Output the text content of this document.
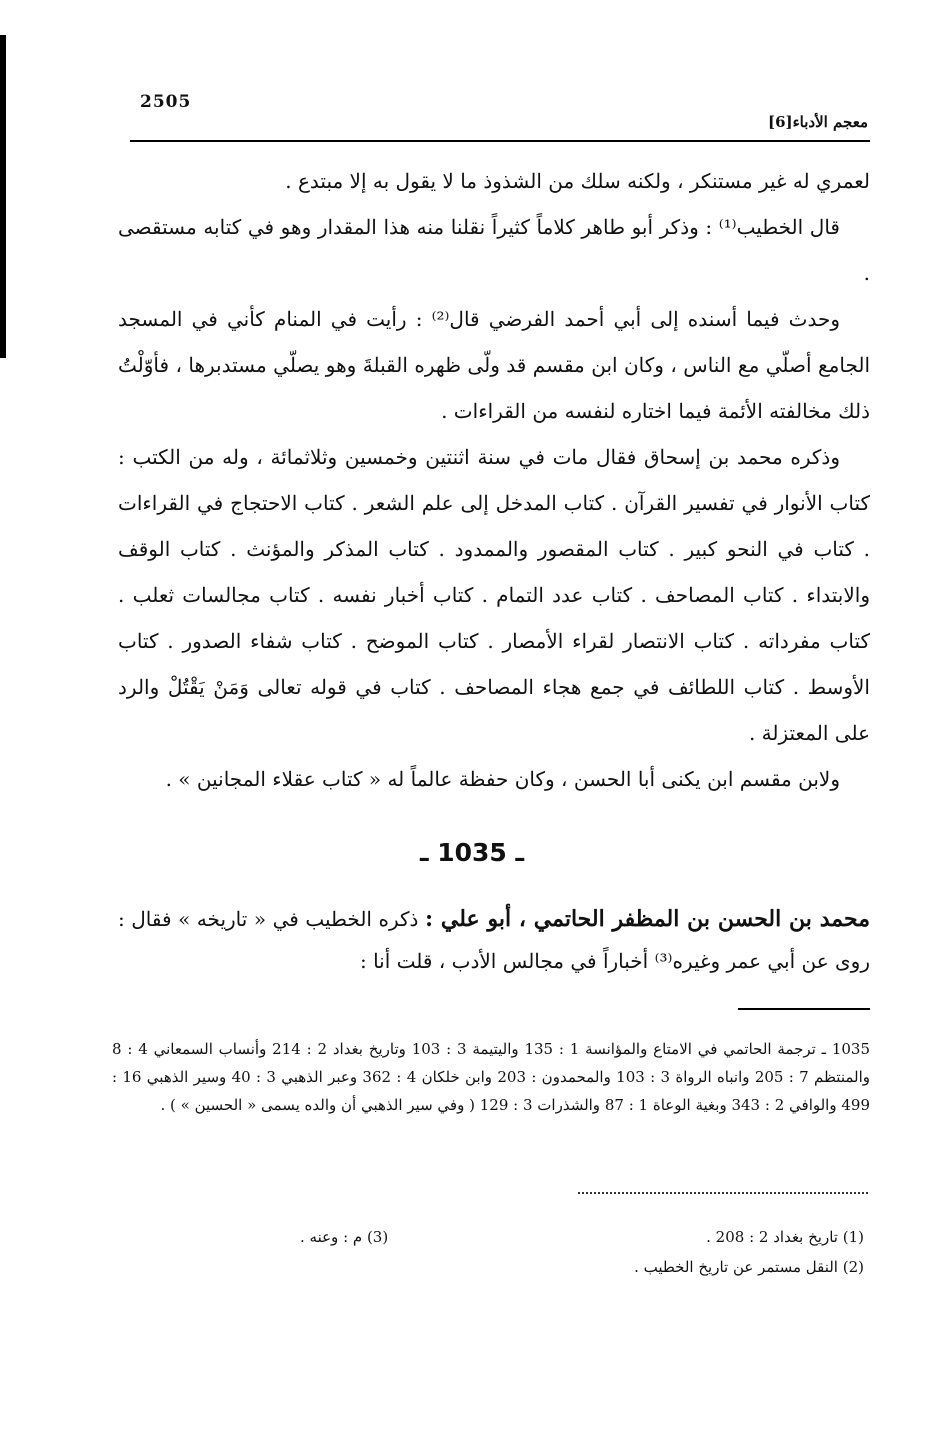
2505
معجم الأدباء[6]

لعمري له غير مستنكر ، ولكنه سلك من الشذوذ ما لا يقول به إلا مبتدع .

قال الخطيب⁽¹⁾ : وذكر أبو طاهر كلاماً كثيراً نقلنا منه هذا المقدار وهو في كتابه مستقصى .

وحدث فيما أسنده إلى أبي أحمد الفرضي قال⁽²⁾ : رأيت في المنام كأني في المسجد الجامع أصلّي مع الناس ، وكان ابن مقسم قد ولّى ظهره القبلةَ وهو يصلّي مستدبرها ، فأوّلْتُ ذلك مخالفته الأئمة فيما اختاره لنفسه من القراءات .

وذكره محمد بن إسحاق فقال مات في سنة اثنتين وخمسين وثلاثمائة ، وله من الكتب : كتاب الأنوار في تفسير القرآن . كتاب المدخل إلى علم الشعر . كتاب الاحتجاج في القراءات . كتاب في النحو كبير . كتاب المقصور والممدود . كتاب المذكر والمؤنث . كتاب الوقف والابتداء . كتاب المصاحف . كتاب عدد التمام . كتاب أخبار نفسه . كتاب مجالسات ثعلب . كتاب مفرداته . كتاب الانتصار لقراء الأمصار . كتاب الموضح . كتاب شفاء الصدور . كتاب الأوسط . كتاب اللطائف في جمع هجاء المصاحف . كتاب في قوله تعالى وَمَنْ يَقْتُلْ والرد على المعتزلة .

ولابن مقسم ابن يكنى أبا الحسن ، وكان حفظة عالماً له « كتاب عقلاء المجانين » .

ـ 1035 ـ

محمد بن الحسن بن المظفر الحاتمي ، أبو علي : ذكره الخطيب في « تاريخه » فقال : روى عن أبي عمر وغيره⁽³⁾ أخباراً في مجالس الأدب ، قلت أنا :

1035 ـ ترجمة الحاتمي في الامتاع والمؤانسة 1 : 135 واليتيمة 3 : 103 وتاريخ بغداد 2 : 214 وأنساب السمعاني 4 : 8 والمنتظم 7 : 205 وانباه الرواة 3 : 103 والمحمدون : 203 وابن خلكان 4 : 362 وعبر الذهبي 3 : 40 وسير الذهبي 16 : 499 والوافي 2 : 343 وبغية الوعاة 1 : 87 والشذرات 3 : 129 ( وفي سير الذهبي أن والده يسمى « الحسين » ) .

(1) تاريخ بغداد 2 : 208 .
(3) م : وعنه .
(2) النقل مستمر عن تاريخ الخطيب .
